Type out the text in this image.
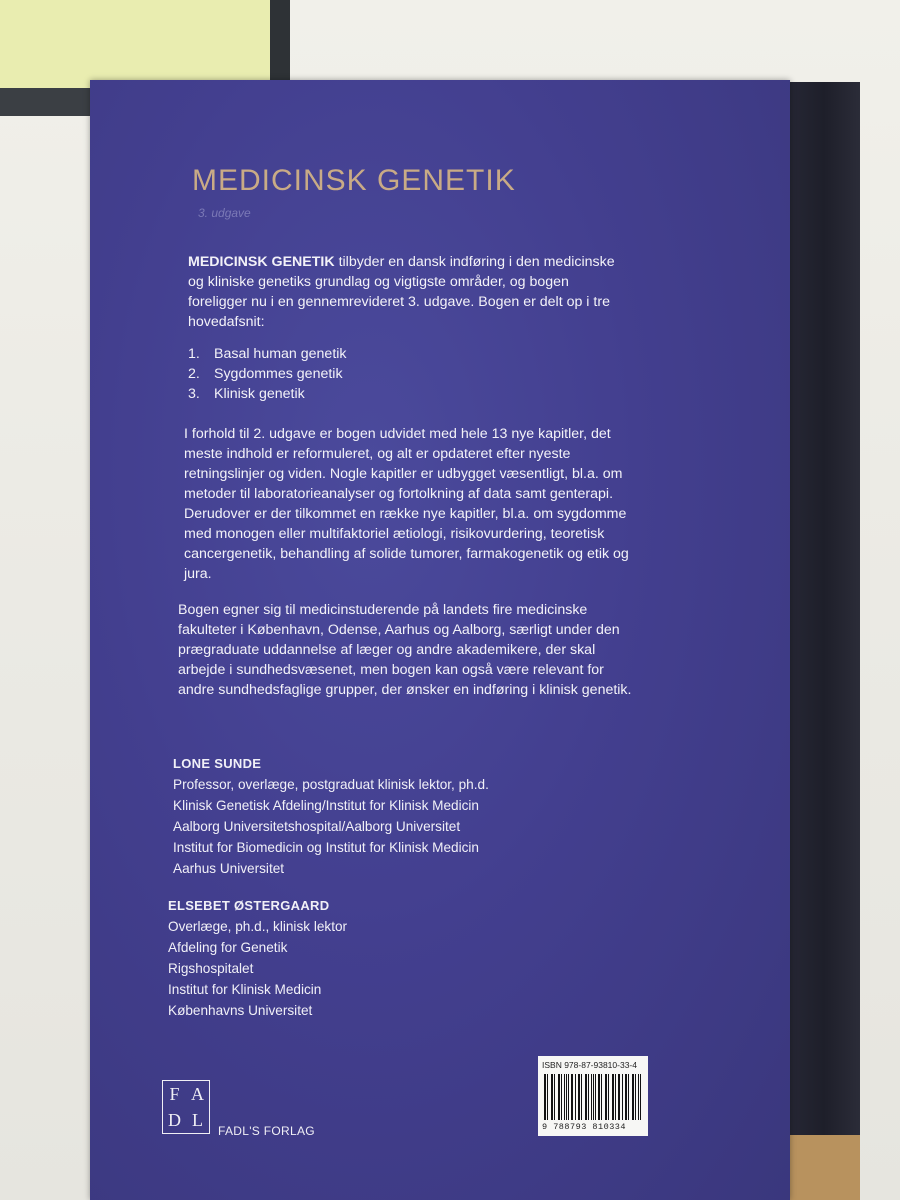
MEDICINSK GENETIK
3. udgave
MEDICINSK GENETIK tilbyder en dansk indføring i den medicinske og kliniske genetiks grundlag og vigtigste områder, og bogen foreligger nu i en gennemrevideret 3. udgave. Bogen er delt op i tre hovedafsnit:
1. Basal human genetik
2. Sygdommes genetik
3. Klinisk genetik
I forhold til 2. udgave er bogen udvidet med hele 13 nye kapitler, det meste indhold er reformuleret, og alt er opdateret efter nyeste retningslinjer og viden. Nogle kapitler er udbygget væsentligt, bl.a. om metoder til laboratorieanalyser og fortolkning af data samt genterapi. Derudover er der tilkommet en række nye kapitler, bl.a. om sygdomme med monogen eller multifaktoriel ætiologi, risikovurdering, teoretisk cancergenetik, behandling af solide tumorer, farmakogenetik og etik og jura.
Bogen egner sig til medicinstuderende på landets fire medicinske fakulteter i København, Odense, Aarhus og Aalborg, særligt under den prægraduate uddannelse af læger og andre akademikere, der skal arbejde i sundhedsvæsenet, men bogen kan også være relevant for andre sundhedsfaglige grupper, der ønsker en indføring i klinisk genetik.
LONE SUNDE
Professor, overlæge, postgraduat klinisk lektor, ph.d.
Klinisk Genetisk Afdeling/Institut for Klinisk Medicin
Aalborg Universitetshospital/Aalborg Universitet
Institut for Biomedicin og Institut for Klinisk Medicin
Aarhus Universitet
ELSEBET ØSTERGAARD
Overlæge, ph.d., klinisk lektor
Afdeling for Genetik
Rigshospitalet
Institut for Klinisk Medicin
Københavns Universitet
F A
D L
FADL'S FORLAG
ISBN 978-87-93810-33-4
9 788793 810334
